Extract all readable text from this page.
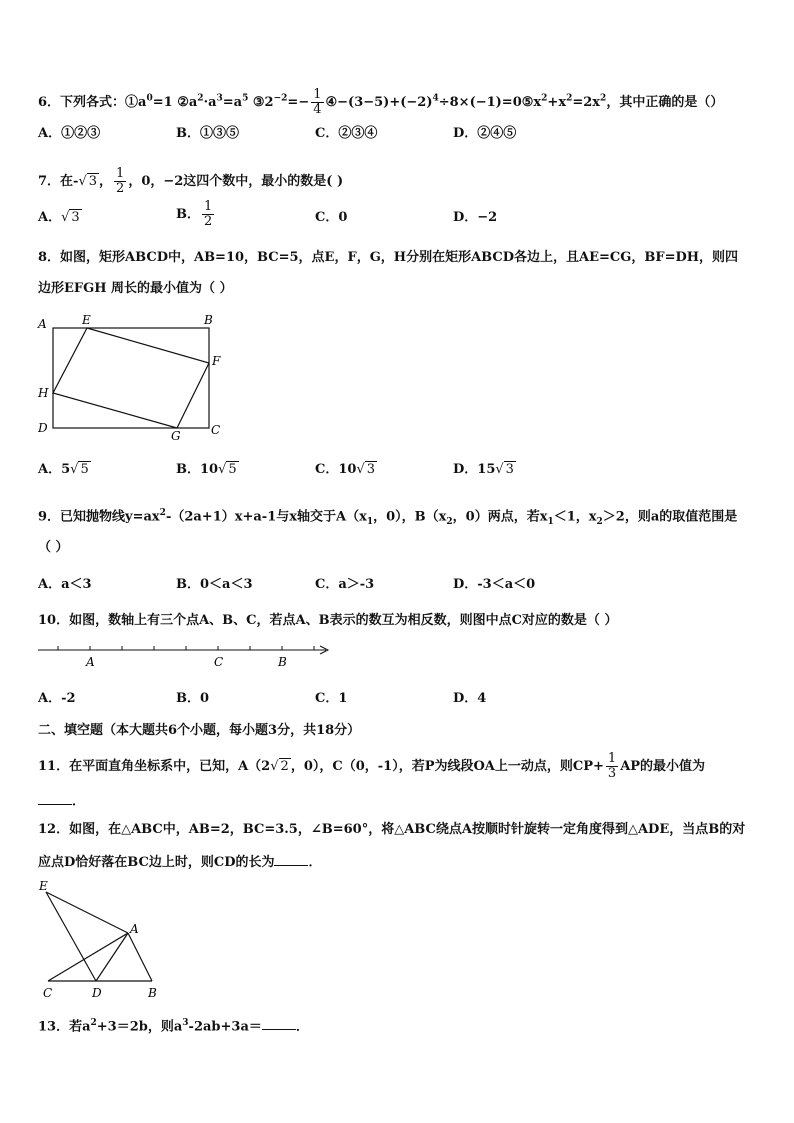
6．下列各式：$①a^0=1$ $②a^2\cdot a^3=a^5$ $③2^{-2}=- \frac{1}{4}$ $④-(3-5)+(-2)^4\div 8\times(-1)=0⑤x^2+x^2=2x^2$，其中正确的是（）
A．①②③	B．①③⑤	C．②③④	D．②④⑤
7．在-√ 3 ， $\frac{1}{2}$ ，0，−2这四个数中，最小的数是( )
A．√ 3	B． $\frac{1}{2}$	C．0	D．−2
8．如图，矩形ABCD中，AB=10，BC=5，点E，F，G，H分别在矩形ABCD各边上，且AE=CG，BF=DH，则四
边形EFGH 周长的最小值为（ ）
A	E	B
F
H
D
G	C
A．5√ 5	B．10√ 5	C．10√ 3	D．15√ 3
9．已知抛物线$y=ax^2-(2a+1)x+a-1$与x轴交于$A(x_1$，0），$B(x_2$，0）两点，若$x_1<1$，$x_2>2$，则a的取值范围是
（ ）
A．a＜3	B．0＜a＜3	C．a＞-3	D．-3＜a＜0
10．如图，数轴上有三个点A、B、C，若点A、B表示的数互为相反数，则图中点C对应的数是（ ）
A	C	B
A．-2	B．0	C．1	D．4
二、填空题（本大题共6个小题，每小题3分，共18分）
11．在平面直角坐标系中，已知，A（2√ 2 ，0），C（0，-1），若P为线段OA上一动点，则$CP+ \frac{1}{3}$ AP的最小值为
．
12．如图，在△ABC中，AB=2，BC=3.5，∠B=60°，将△ABC绕点A按顺时针旋转一定角度得到△ADE，当点B的对
应点D恰好落在BC边上时，则CD的长为	．
E
A
C	D	B
13．若$a^2+3=2b$，则$a^3-2ab+3a=$	．
